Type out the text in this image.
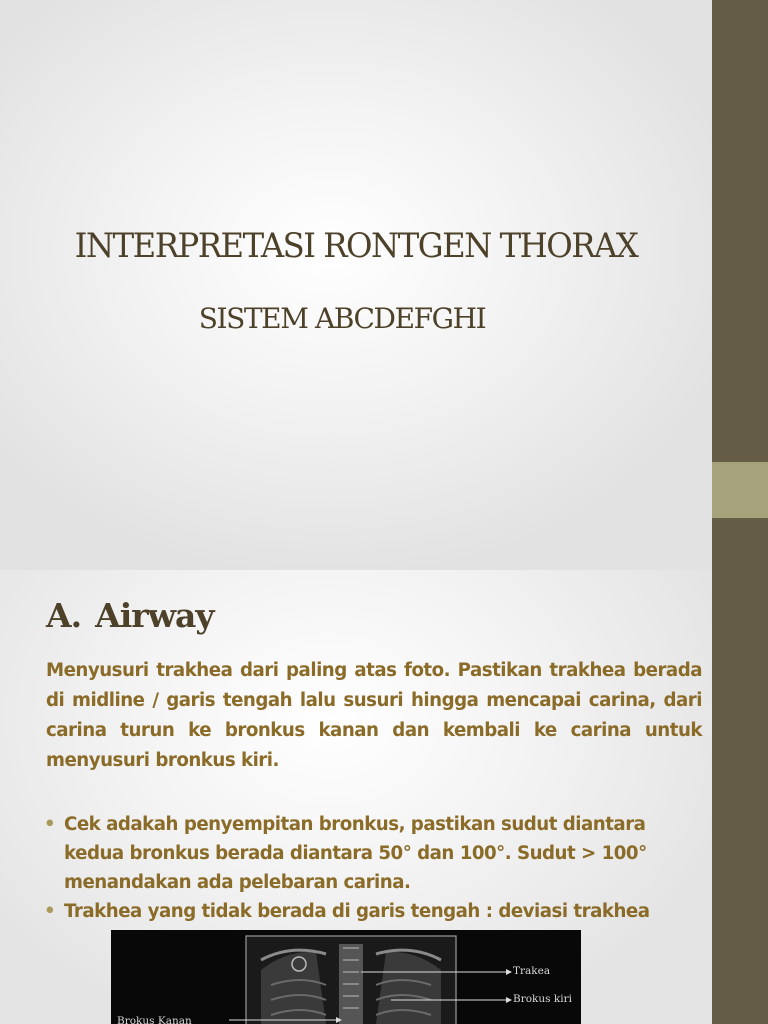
INTERPRETASI RONTGEN THORAX
SISTEM ABCDEFGHI
A. Airway
Menyusuri trakhea dari paling atas foto. Pastikan trakhea berada di midline / garis tengah lalu susuri hingga mencapai carina, dari carina turun ke bronkus kanan dan kembali ke carina untuk menyusuri bronkus kiri.
• Cek adakah penyempitan bronkus, pastikan sudut diantara kedua bronkus berada diantara 50° dan 100°. Sudut > 100° menandakan ada pelebaran carina.
• Trakhea yang tidak berada di garis tengah : deviasi trakhea
Trakea
Brokus kiri
Brokus Kanan
